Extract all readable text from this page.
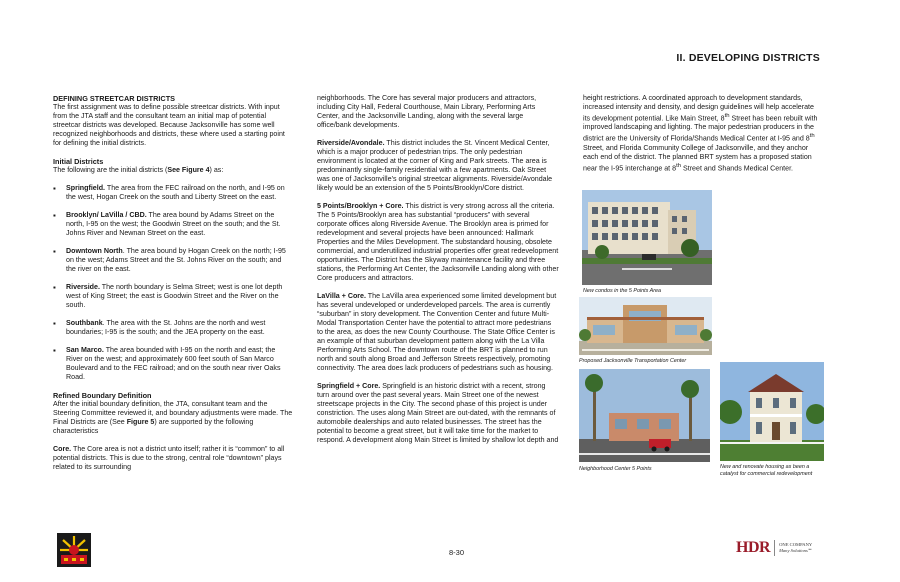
II. DEVELOPING DISTRICTS
DEFINING STREETCAR DISTRICTS

The first assignment was to define possible streetcar districts. With input from the JTA staff and the consultant team an initial map of potential streetcar districts was developed. Because Jacksonville has some well recognized neighborhoods and districts, these where used a starting point for defining the initial districts.

Initial Districts

The following are the initial districts (See Figure 4) as:

▪ Springfield. The area from the FEC railroad on the north, and I-95 on the west, Hogan Creek on the south and Liberty Street on the east.
▪ Brooklyn/ LaVilla / CBD. The area bound by Adams Street on the north, I-95 on the west; the Goodwin Street on the south; and the St. Johns River and Newnan Street on the east.
▪ Downtown North. The area bound by Hogan Creek on the north; I-95 on the west; Adams Street and the St. Johns River on the south; and the river on the east.
▪ Riverside. The north boundary is Selma Street; west is one lot depth west of King Street; the east is Goodwin Street and the River on the south.
▪ Southbank. The area with the St. Johns are the north and west boundaries; I-95 is the south; and the JEA property on the east.
▪ San Marco. The area bounded with I-95 on the north and east; the River on the west; and approximately 600 feet south of San Marco Boulevard and to the FEC railroad; and on the south near river Oaks Road.
Refined Boundary Definition

After the initial boundary definition, the JTA, consultant team and the Steering Committee reviewed it, and boundary adjustments were made. The Final Districts are (See Figure 5) are supported by the following characteristics

Core. The Core area is not a district unto itself; rather it is “common” to all potential districts. This is due to the strong, central role “downtown” plays related to its surrounding

neighborhoods. The Core has several major producers and attractors, including City Hall, Federal Courthouse, Main Library, Performing Arts Center, and the Jacksonville Landing, along with the several large office/bank developments.

Riverside/Avondale. This district includes the St. Vincent Medical Center, which is a major producer of pedestrian trips. The only pedestrian environment is located at the corner of King and Park streets. The area is predominantly single-family residential with a few apartments. Oak Street was one of Jacksonville’s original streetcar alignments. Riverside/Avondale likely would be an extension of the 5 Points/Brooklyn/Core district.

5 Points/Brooklyn + Core. This district is very strong across all the criteria. The 5 Points/Brooklyn area has substantial “producers” with several corporate offices along Riverside Avenue. The Brooklyn area is primed for redevelopment and several projects have been announced: Hallmark Properties and the Miles Development. The substandard housing, obsolete commercial, and underutilized industrial properties offer great redevelopment opportunities. The District has the Skyway maintenance facility and three stations, the Performing Art Center, the Jacksonville Landing along with other Core producers and attractors.

LaVilla + Core. The LaVilla area experienced some limited development but has several undeveloped or underdeveloped parcels. The area is currently “suburban” in story development. The Convention Center and future Multi-Modal Transportation Center have the potential to attract more pedestrians to the area, as does the new County Courthouse. The State Office Center is an example of that suburban development pattern along with the La Villa Performing Arts School. The downtown route of the BRT is planned to run north and south along Broad and Jefferson Streets respectively, promoting connectivity. The area does lack producers of pedestrians such as housing.

Springfield + Core. Springfield is an historic district with a recent, strong turn around over the past several years. Main Street one of the newest streetscape projects in the City. The second phase of this project is under constriction. The uses along Main Street are out-dated, with the remnants of automobile dealerships and auto related businesses. The street has the potential to become a great street, but it will take time for the market to respond. A development along Main Street is limited by shallow lot depth and

height restrictions. A coordinated approach to development standards, increased intensity and density, and design guidelines will help accelerate its development potential. Like Main Street, 8th Street has been rebuilt with improved landscaping and lighting. The major pedestrian producers in the district are the University of Florida/Shands Medical Center at I-95 and 8th Street, and Florida Community College of Jacksonville, and they anchor each end of the district. The planned BRT system has a proposed station near the I-95 interchange at 8th Street and Shands Medical Center.

New condos in the 5 Points Area
Proposed Jacksonville Transportation Center
Neighborhood Center 5 Points	New and renovate housing as been a catalyst for commercial redevelopment
8-30	HDR ONE COMPANY
Many Solutions℠
